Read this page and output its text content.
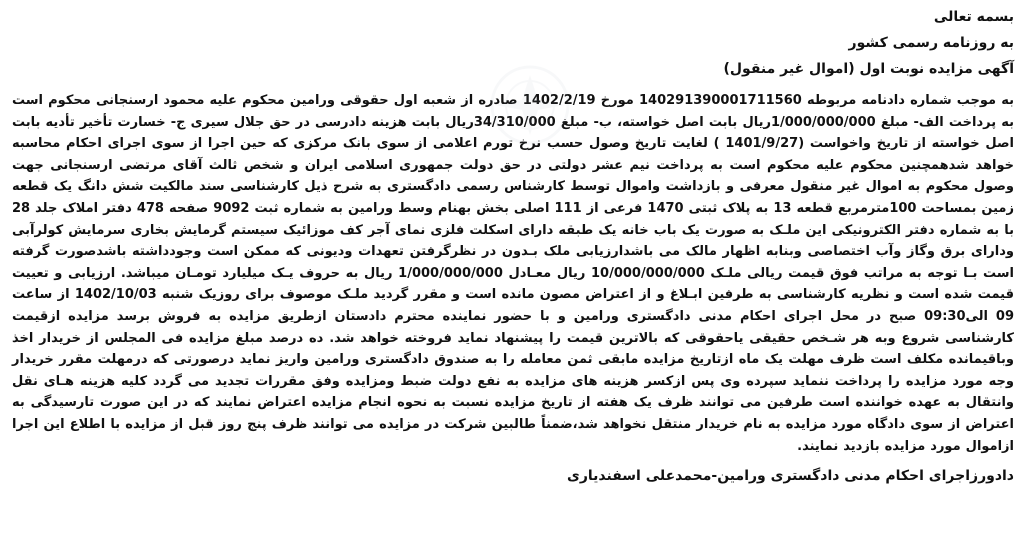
بسمه تعالی
به روزنامه رسمی کشور
آگهی مزایده نوبت اول (اموال غیر منقول)

به موجب شماره دادنامه مربوطه 14029139000171156‎0 مورخ 1402/2/19 صادره از شعبه اول حقوقی ورامین محکوم علیه محمود ارسنجانی محکوم است به پرداخت الف- مبلغ 1/000/000/000ریال بابت اصل خواسته، ب- مبلغ 34/310/000ریال بابت هزینه دادرسی در حق جلال سیری ج- خسارت تأخیر تأدیه بابت اصل خواسته از تاریخ واخواست (1401/9/27 ) لغایت تاریخ وصول حسب نرخ تورم اعلامی از سوی بانک مرکزی که حین اجرا از سوی اجرای احکام محاسبه خواهد شدهمچنین محکوم علیه محکوم است به پرداخت نیم عشر دولتی در حق دولت جمهوری اسلامی ایران و شخص ثالث آقای مرتضی ارسنجانی جهت وصول محکوم به اموال غیر منقول معرفی و بازداشت واموال توسط کارشناس رسمی دادگستری به شرح ذیل کارشناسی سند مالکیت شش دانگ یک قطعه زمین بمساحت 100مترمربع قطعه 13 به پلاک ثبتی 1470 فرعی از 111 اصلی بخش بهنام وسط ورامین به شماره ثبت 9092 صفحه 478 دفتر املاک جلد 28 با به شماره دفتر الکترونیکی این ملـک به صورت یک باب خانه یک طبقه دارای اسکلت فلزی نمای آجر کف موزائیک سیستم گرمایش بخاری سرمایش کولرآبی ودارای برق وگاز وآب اختصاصی وبنابه اظهار مالک می باشدارزیابی ملک بـدون در نظرگرفتن تعهدات ودیونی که ممکن است وجودداشته باشدصورت گرفته است بـا توجه به مراتب فوق قیمت ریالی ملـک 10/000/000/000 ریال معـادل 1/000/000/000 ریال به حروف یـک میلیارد تومـان میباشد. ارزیابی و تعییت قیمت شده است و نظریه کارشناسی به طرفین ابـلاغ و از اعتراض مصون مانده است و مقرر گردید ملـک موصوف برای روزیک شنبه 1402/10/03 از ساعت 09 الی09:30 صبح در محل اجرای احکام مدنی دادگستری ورامین و با حضور نماینده محترم دادستان ازطریق مزایده به فروش برسد مزایده ازقیمت کارشناسی شروع وبه هر شـخص حقیقی یاحقوقی که بالاترین قیمت را پیشنهاد نماید فروخته خواهد شد. ده درصد مبلغ مزایده فی المجلس از خریدار اخذ وباقیمانده مکلف است ظرف مهلت یک ماه ازتاریخ مزایده مابقی ثمن معامله را به صندوق دادگستری ورامین واریز نماید درصورتی که درمهلت مقرر خریدار وجه مورد مزایده را پرداخت ننماید سپرده وی پس ازکسر هزینه های مزایده به نفع دولت ضبط ومزایده وفق مقررات تجدید می گردد کلیه هزینه هـای نقل وانتقال به عهده خواننده است طرفین می توانند ظرف یک هفته از تاریخ مزایده نسبت به نحوه انجام مزایده اعتراض نمایند که در این صورت تارسیدگی به اعتراض از سوی دادگاه مورد مزایده به نام خریدار منتقل نخواهد شد،ضمناً طالبین شرکت در مزایده می توانند ظرف پنج روز قبل از مزایده با اطلاع این اجرا ازاموال مورد مزایده بازدید نمایند.

دادورزاجرای احکام مدنی دادگستری ورامین-محمدعلی اسفندیاری
